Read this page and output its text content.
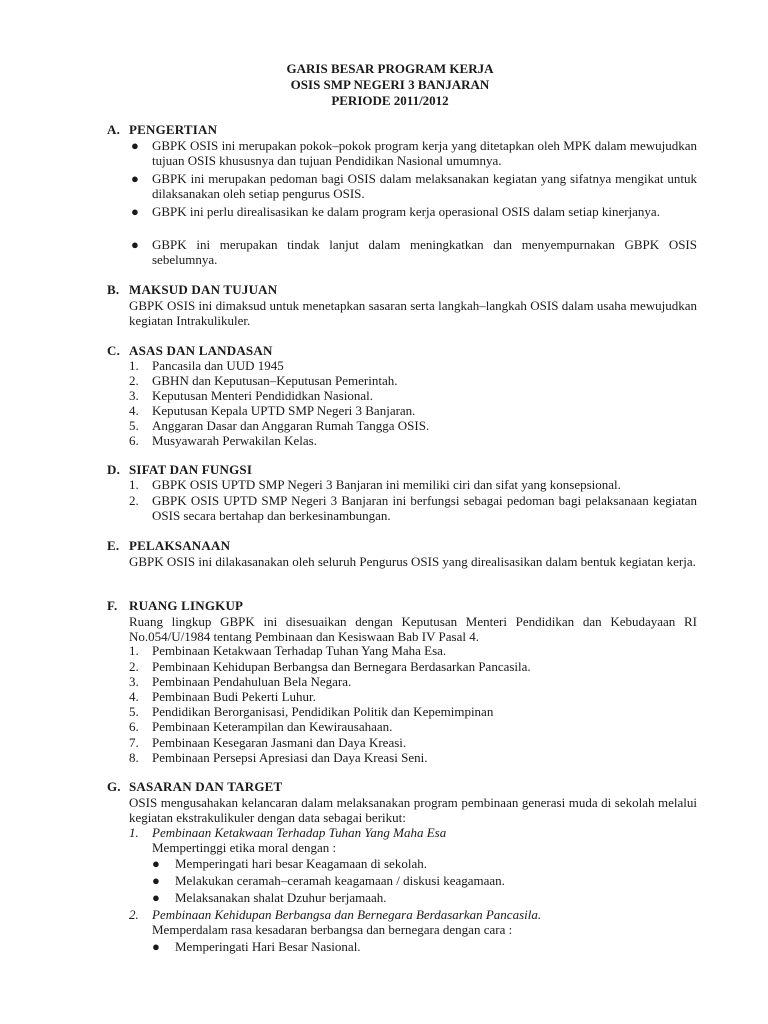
GARIS BESAR PROGRAM KERJA
OSIS SMP NEGERI 3 BANJARAN
PERIODE 2011/2012
A. PENGERTIAN
●	GBPK OSIS ini merupakan pokok–pokok program kerja yang ditetapkan oleh MPK dalam mewujudkan tujuan OSIS khususnya dan tujuan Pendidikan Nasional umumnya.
●	GBPK ini merupakan pedoman bagi OSIS dalam melaksanakan kegiatan yang sifatnya mengikat untuk dilaksanakan oleh setiap pengurus OSIS.
●	GBPK ini perlu direalisasikan ke dalam program kerja operasional OSIS dalam setiap kinerjanya.
●	GBPK ini merupakan tindak lanjut dalam meningkatkan dan menyempurnakan GBPK OSIS sebelumnya.
B. MAKSUD DAN TUJUAN
GBPK OSIS ini dimaksud untuk menetapkan sasaran serta langkah–langkah OSIS dalam usaha mewujudkan kegiatan Intrakulikuler.
C. ASAS DAN LANDASAN
1.	Pancasila dan UUD 1945
2.	GBHN dan Keputusan–Keputusan Pemerintah.
3.	Keputusan Menteri Pendididkan Nasional.
4.	Keputusan Kepala UPTD SMP Negeri 3 Banjaran.
5.	Anggaran Dasar dan Anggaran Rumah Tangga OSIS.
6.	Musyawarah Perwakilan Kelas.
D. SIFAT DAN FUNGSI
1.	GBPK OSIS UPTD SMP Negeri 3 Banjaran ini memiliki ciri dan sifat yang konsepsional.
2.	GBPK OSIS UPTD SMP Negeri 3 Banjaran ini berfungsi sebagai pedoman bagi pelaksanaan kegiatan OSIS secara bertahap dan berkesinambungan.
E. PELAKSANAAN
GBPK OSIS ini dilakasanakan oleh seluruh Pengurus OSIS yang direalisasikan dalam bentuk kegiatan kerja.
F. RUANG LINGKUP
Ruang lingkup GBPK ini disesuaikan dengan Keputusan Menteri Pendidikan dan Kebudayaan RI No.054/U/1984 tentang Pembinaan dan Kesiswaan Bab IV Pasal 4.
1.	Pembinaan Ketakwaan Terhadap Tuhan Yang Maha Esa.
2.	Pembinaan Kehidupan Berbangsa dan Bernegara Berdasarkan Pancasila.
3.	Pembinaan Pendahuluan Bela Negara.
4.	Pembinaan Budi Pekerti Luhur.
5.	Pendidikan Berorganisasi, Pendidikan Politik dan Kepemimpinan
6.	Pembinaan Keterampilan dan Kewirausahaan.
7.	Pembinaan Kesegaran Jasmani dan Daya Kreasi.
8.	Pembinaan Persepsi Apresiasi dan Daya Kreasi Seni.
G. SASARAN DAN TARGET
OSIS mengusahakan kelancaran dalam melaksanakan program pembinaan generasi muda di sekolah melalui kegiatan ekstrakulikuler dengan data sebagai berikut:
1.	Pembinaan Ketakwaan Terhadap Tuhan Yang Maha Esa
Mempertinggi etika moral dengan :
●	Memperingati hari besar Keagamaan di sekolah.
●	Melakukan ceramah–ceramah keagamaan / diskusi keagamaan.
●	Melaksanakan shalat Dzuhur berjamaah.
2.	Pembinaan Kehidupan Berbangsa dan Bernegara Berdasarkan Pancasila.
Memperdalam rasa kesadaran berbangsa dan bernegara dengan cara :
●	Memperingati Hari Besar Nasional.
